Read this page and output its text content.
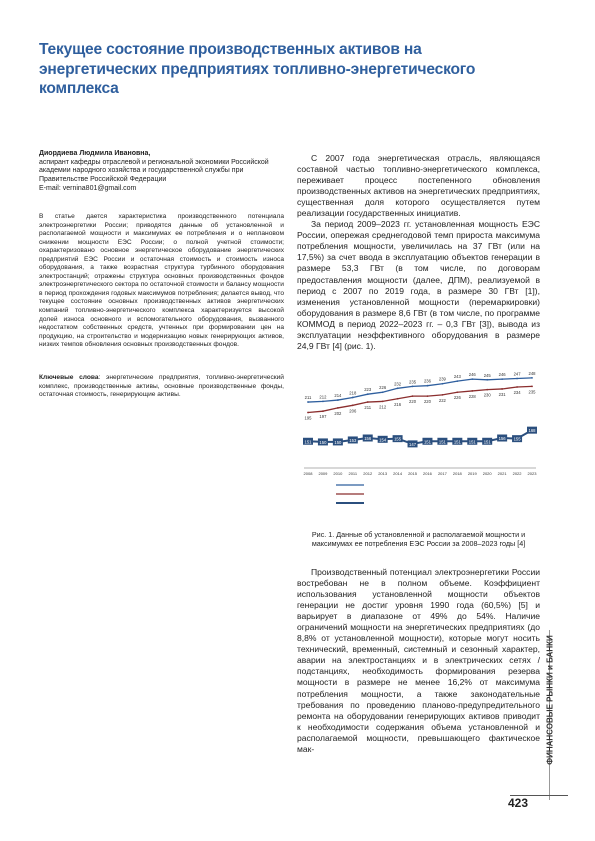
Текущее состояние производственных активов на энергетических предприятиях топливно-энергетического комплекса
Диордиева Людмила Ивановна,
аспирант кафедры отраслевой и региональной экономики Российской академии народного хозяйства и государственной службы при Правительстве Российской Федерации
E-mail: vernina801@gmail.com
В статье дается характеристика производственного потенциала электроэнергетики России; приводятся данные об установленной и располагаемой мощности и максимумах ее потребления и о неплановом снижении мощности ЕЭС России; о полной учетной стоимости; охарактеризовано основное энергетическое оборудование энергетических предприятий ЕЭС России и остаточная стоимость и стоимость износа оборудования, а также возрастная структура турбинного оборудования электростанций; отражены структура основных производственных фондов электроэнергетического сектора по остаточной стоимости и балансу мощности в период прохождения годовых максимумов потребления; делается вывод, что текущее состояние основных производственных активов энергетических компаний топливно-энергетического комплекса характеризуется высокой долей износа основного и вспомогательного оборудования, вызванного недостатком собственных средств, учтенных при формировании цен на продукцию, на строительство и модернизацию новых генерирующих активов, низких темпов обновления основных производственных фондов.
Ключевые слова: энергетические предприятия, топливно-энергетический комплекс, производственные активы, основные производственные фонды, остаточная стоимость, генерирующие активы.

С 2007 года энергетическая отрасль, являющаяся составной частью топливно-энергетического комплекса, переживает процесс постепенного обновления производственных активов на энергетических предприятиях, существенная доля которого осуществляется путем реализации государственных инициатив.

За период 2009–2023 гг. установленная мощность ЕЭС России, опережая среднегодовой темп прироста максимума потребления мощности, увеличилась на 37 ГВт (или на 17,5%) за счет ввода в эксплуатацию объектов генерации в размере 53,3 ГВт (в том числе, по договорам предоставления мощности (далее, ДПМ), реализуемой в период с 2007 по 2019 года, в размере 30 ГВт [1]), изменения установленной мощности (перемаркировки) оборудования в размере 8,6 ГВт (в том числе, по программе КОММОД в период 2022–2023 гг. – 0,3 ГВт [3]), вывода из эксплуатации неэффективного оборудования в размере 24,9 ГВт [4] (рис. 1).

211 212 214
218
223 226
232 235 236 239
243 246 245 246 247 248
195 197
202
206
211 212
216
220 220 222
226 228 230 231 234 235
151 150 150 153 156 154 155
147
151 151 151 151 151
156 155
168
2008 2009 2010 2011 2012 2013 2014 2015 2016 2017 2018 2019 2020 2021 2022 2023
Рис. 1. Данные об установленной и располагаемой мощности и максимумах ее потребления ЕЭС России за 2008–2023 годы [4]

Производственный потенциал электроэнергетики России востребован не в полном объеме. Коэффициент использования установленной мощности объектов генерации не достиг уровня 1990 года (60,5%) [5] и варьирует в диапазоне от 49% до 54%. Наличие ограничений мощности на энергетических предприятиях (до 8,8% от установленной мощности), которые могут носить технический, временный, системный и сезонный характер, аварии на электростанциях и в электрических сетях / подстанциях, необходимость формирования резерва мощности в размере не менее 16,2% от максимума потребления мощности, а также законодательные требования по проведению планово-предупредительного ремонта на оборудовании генерирующих активов приводит к необходимости содержания объема установленной и располагаемой мощности, превышающего фактическое мак-	ФИНАНСОВЫЕ РЫНКИ и БАНКИ
423
